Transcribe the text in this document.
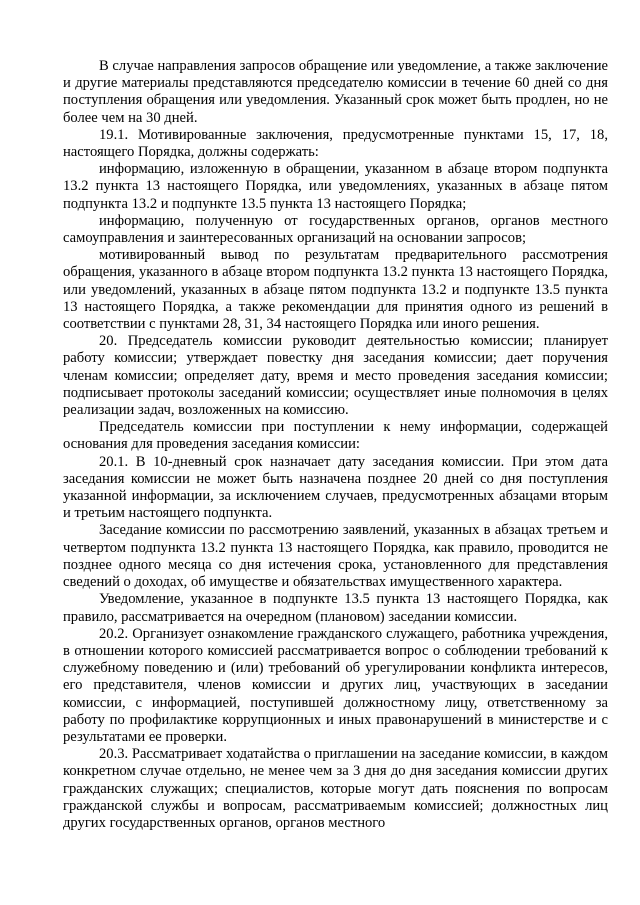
В случае направления запросов обращение или уведомление, а также заключение и другие материалы представляются председателю комиссии в течение 60 дней со дня поступления обращения или уведомления. Указанный срок может быть продлен, но не более чем на 30 дней.

19.1. Мотивированные заключения, предусмотренные пунктами 15, 17, 18, настоящего Порядка, должны содержать:

информацию, изложенную в обращении, указанном в абзаце втором подпункта 13.2 пункта 13 настоящего Порядка, или уведомлениях, указанных в абзаце пятом подпункта 13.2 и подпункте 13.5 пункта 13 настоящего Порядка;

информацию, полученную от государственных органов, органов местного самоуправления и заинтересованных организаций на основании запросов;

мотивированный вывод по результатам предварительного рассмотрения обращения, указанного в абзаце втором подпункта 13.2 пункта 13 настоящего Порядка, или уведомлений, указанных в абзаце пятом подпункта 13.2 и подпункте 13.5 пункта 13 настоящего Порядка, а также рекомендации для принятия одного из решений в соответствии с пунктами 28, 31, 34 настоящего Порядка или иного решения.

20. Председатель комиссии руководит деятельностью комиссии; планирует работу комиссии; утверждает повестку дня заседания комиссии; дает поручения членам комиссии; определяет дату, время и место проведения заседания комиссии; подписывает протоколы заседаний комиссии; осуществляет иные полномочия в целях реализации задач, возложенных на комиссию.

Председатель комиссии при поступлении к нему информации, содержащей основания для проведения заседания комиссии:

20.1. В 10-дневный срок назначает дату заседания комиссии. При этом дата заседания комиссии не может быть назначена позднее 20 дней со дня поступления указанной информации, за исключением случаев, предусмотренных абзацами вторым и третьим настоящего подпункта.

Заседание комиссии по рассмотрению заявлений, указанных в абзацах третьем и четвертом подпункта 13.2 пункта 13 настоящего Порядка, как правило, проводится не позднее одного месяца со дня истечения срока, установленного для представления сведений о доходах, об имуществе и обязательствах имущественного характера.

Уведомление, указанное в подпункте 13.5 пункта 13 настоящего Порядка, как правило, рассматривается на очередном (плановом) заседании комиссии.

20.2. Организует ознакомление гражданского служащего, работника учреждения, в отношении которого комиссией рассматривается вопрос о соблюдении требований к служебному поведению и (или) требований об урегулировании конфликта интересов, его представителя, членов комиссии и других лиц, участвующих в заседании комиссии, с информацией, поступившей должностному лицу, ответственному за работу по профилактике коррупционных и иных правонарушений в министерстве и с результатами ее проверки.

20.3. Рассматривает ходатайства о приглашении на заседание комиссии, в каждом конкретном случае отдельно, не менее чем за 3 дня до дня заседания комиссии других гражданских служащих; специалистов, которые могут дать пояснения по вопросам гражданской службы и вопросам, рассматриваемым комиссией; должностных лиц других государственных органов, органов местного
